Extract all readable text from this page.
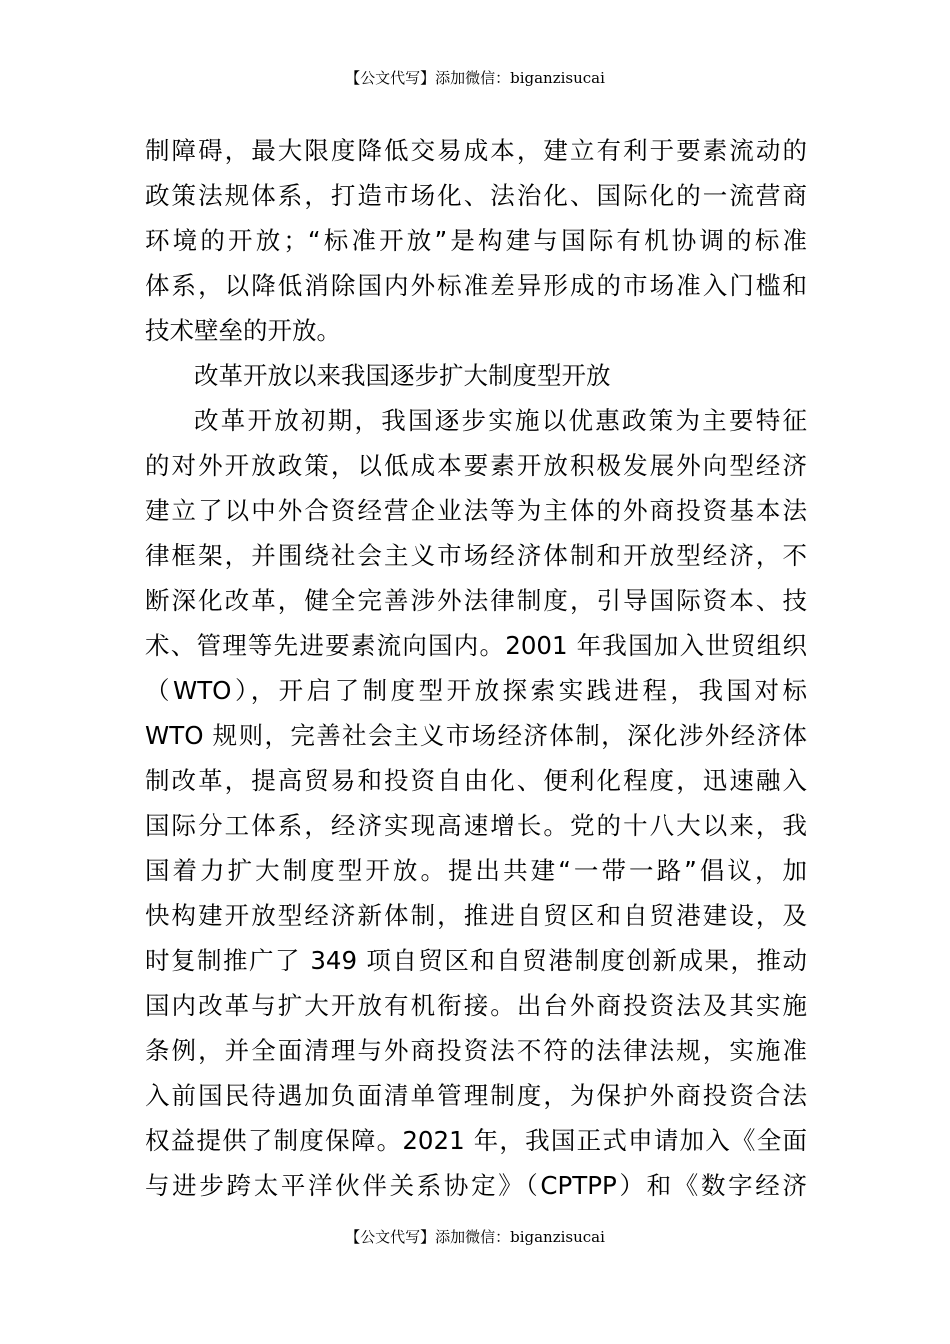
【公文代写】添加微信：biganzisucai
制障碍，最大限度降低交易成本，建立有利于要素流动的
政策法规体系，打造市场化、法治化、国际化的一流营商
环境的开放；“标准开放”是构建与国际有机协调的标准
体系，以降低消除国内外标准差异形成的市场准入门槛和
技术壁垒的开放。
改革开放以来我国逐步扩大制度型开放
改革开放初期，我国逐步实施以优惠政策为主要特征
的对外开放政策，以低成本要素开放积极发展外向型经济
建立了以中外合资经营企业法等为主体的外商投资基本法
律框架，并围绕社会主义市场经济体制和开放型经济，不
断深化改革，健全完善涉外法律制度，引导国际资本、技
术、管理等先进要素流向国内。2001 年我国加入世贸组织
（WTO），开启了制度型开放探索实践进程，我国对标
WTO 规则，完善社会主义市场经济体制，深化涉外经济体
制改革，提高贸易和投资自由化、便利化程度，迅速融入
国际分工体系，经济实现高速增长。党的十八大以来，我
国着力扩大制度型开放。提出共建“一带一路”倡议，加
快构建开放型经济新体制，推进自贸区和自贸港建设，及
时复制推广了 349 项自贸区和自贸港制度创新成果，推动
国内改革与扩大开放有机衔接。出台外商投资法及其实施
条例，并全面清理与外商投资法不符的法律法规，实施准
入前国民待遇加负面清单管理制度，为保护外商投资合法
权益提供了制度保障。2021 年，我国正式申请加入《全面
与进步跨太平洋伙伴关系协定》（CPTPP）和《数字经济
【公文代写】添加微信：biganzisucai
